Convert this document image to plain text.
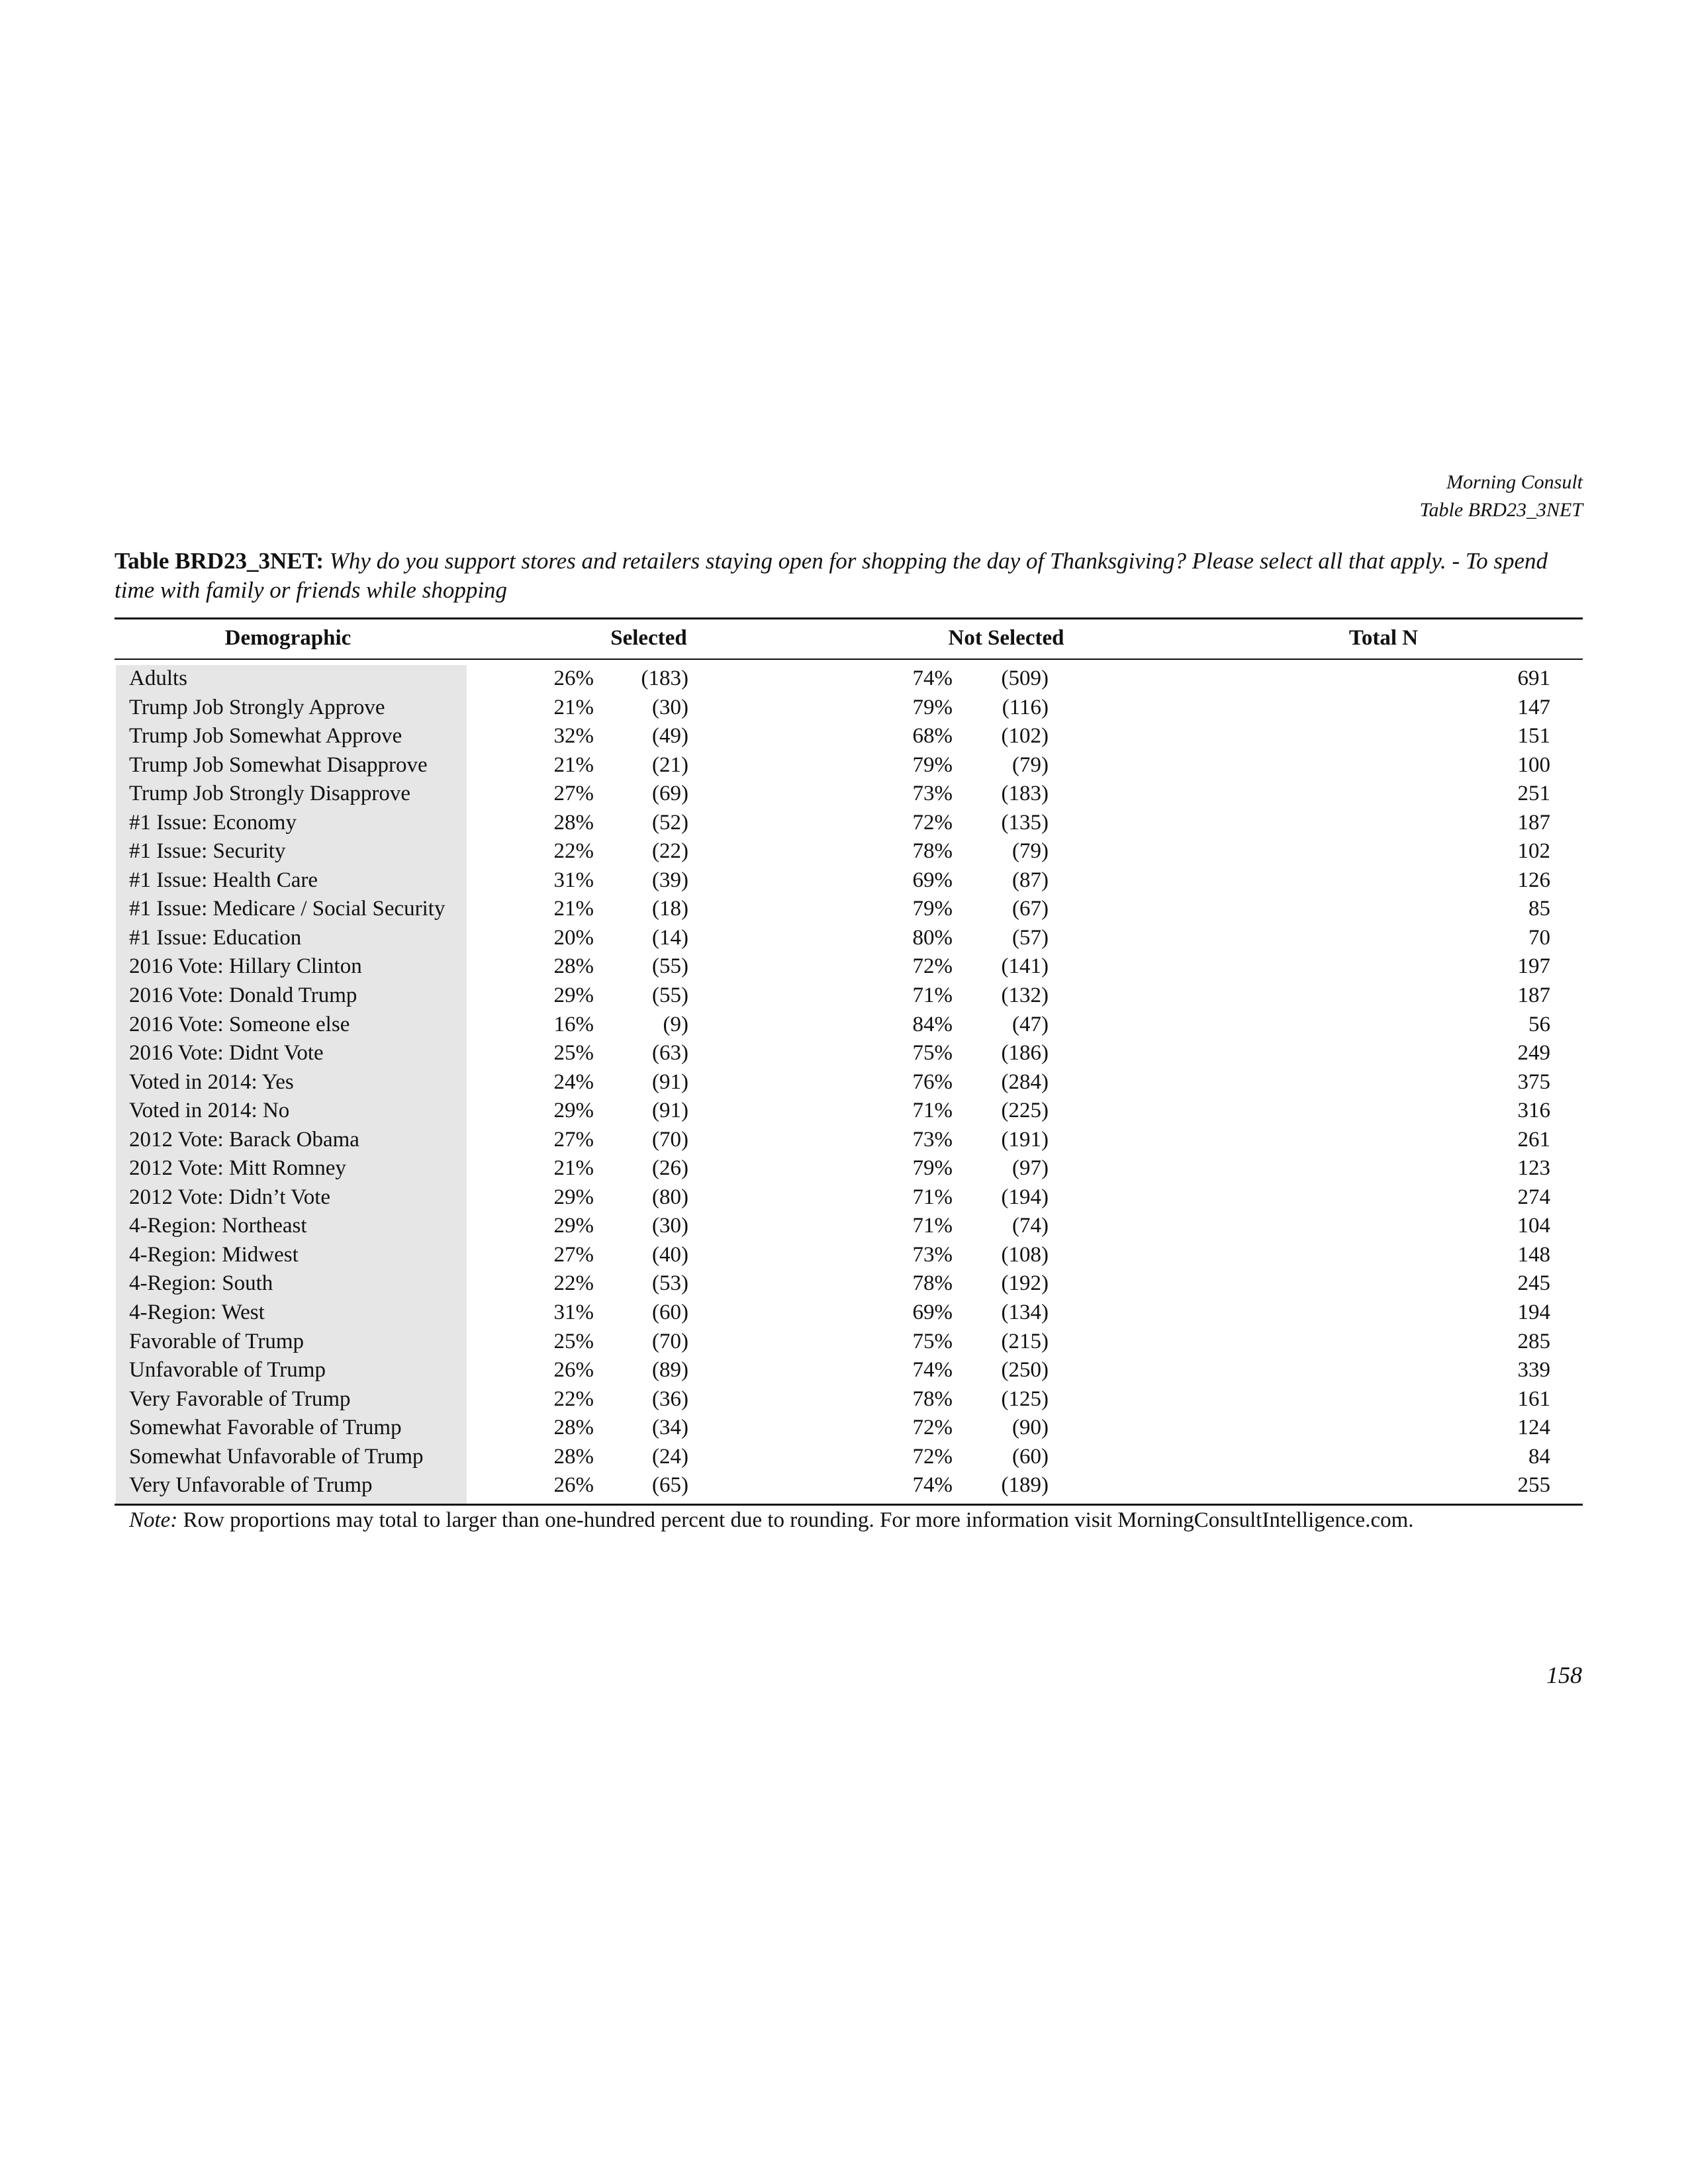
Morning Consult
Table BRD23_3NET
Table BRD23_3NET: Why do you support stores and retailers staying open for shopping the day of Thanksgiving? Please select all that apply. - To spend time with family or friends while shopping
Demographic	Selected	Not Selected	Total N
Adults	26% (183)	74% (509)	691
Trump Job Strongly Approve	21%	(30)	79% (116)	147
Trump Job Somewhat Approve	32%	(49)	68% (102)	151
Trump Job Somewhat Disapprove	21%	(21)	79%	(79)	100
Trump Job Strongly Disapprove	27%	(69)	73% (183)	251
#1 Issue: Economy	28%	(52)	72% (135)	187
#1 Issue: Security	22%	(22)	78%	(79)	102
#1 Issue: Health Care	31%	(39)	69%	(87)	126
#1 Issue: Medicare / Social Security	21%	(18)	79%	(67)	85
#1 Issue: Education	20%	(14)	80%	(57)	70
2016 Vote: Hillary Clinton	28%	(55)	72% (141)	197
2016 Vote: Donald Trump	29%	(55)	71% (132)	187
2016 Vote: Someone else	16%	(9)	84%	(47)	56
2016 Vote: Didnt Vote	25%	(63)	75% (186)	249
Voted in 2014: Yes	24%	(91)	76% (284)	375
Voted in 2014: No	29%	(91)	71% (225)	316
2012 Vote: Barack Obama	27%	(70)	73% (191)	261
2012 Vote: Mitt Romney	21%	(26)	79%	(97)	123
2012 Vote: Didn’t Vote	29%	(80)	71% (194)	274
4-Region: Northeast	29%	(30)	71%	(74)	104
4-Region: Midwest	27%	(40)	73% (108)	148
4-Region: South	22%	(53)	78% (192)	245
4-Region: West	31%	(60)	69% (134)	194
Favorable of Trump	25%	(70)	75% (215)	285
Unfavorable of Trump	26%	(89)	74% (250)	339
Very Favorable of Trump	22%	(36)	78% (125)	161
Somewhat Favorable of Trump	28%	(34)	72%	(90)	124
Somewhat Unfavorable of Trump	28%	(24)	72%	(60)	84
Very Unfavorable of Trump	26%	(65)	74% (189)	255
Note: Row proportions may total to larger than one-hundred percent due to rounding. For more information visit MorningConsultIntelligence.com.
158
